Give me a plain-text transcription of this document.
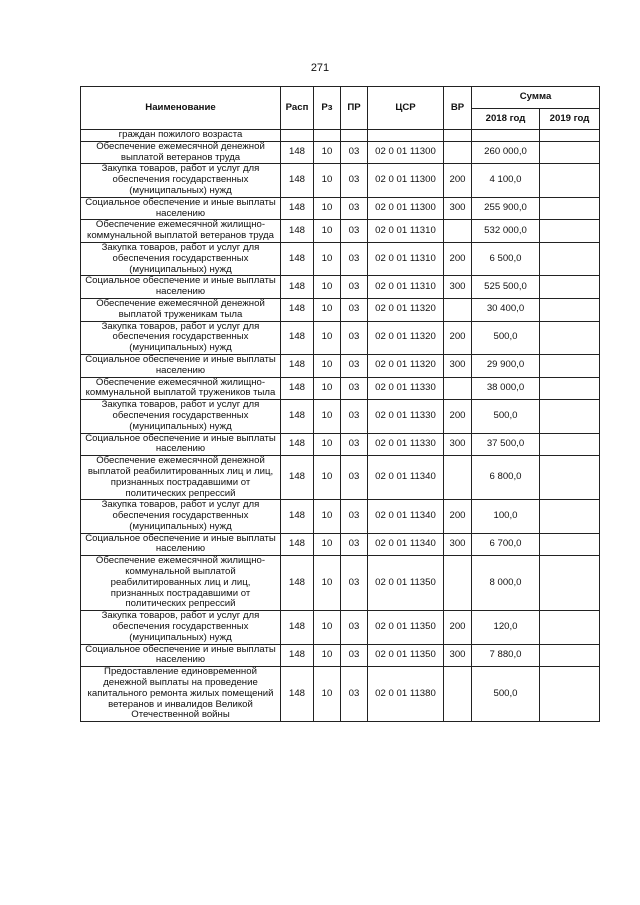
271
Наименование	Расп	Рз	ПР	ЦСР	ВР	Сумма	
						2018 год	2019 год
граждан пожилого возраста							
Обеспечение ежемесячной денежной выплатой ветеранов труда	148	10	03	02 0 01 11300		260 000,0	
Закупка товаров, работ и услуг для обеспечения государственных (муниципальных) нужд	148	10	03	02 0 01 11300	200	4 100,0	
Социальное обеспечение и иные выплаты населению	148	10	03	02 0 01 11300	300	255 900,0	
Обеспечение ежемесячной жилищно-коммунальной выплатой ветеранов труда	148	10	03	02 0 01 11310		532 000,0	
Закупка товаров, работ и услуг для обеспечения государственных (муниципальных) нужд	148	10	03	02 0 01 11310	200	6 500,0	
Социальное обеспечение и иные выплаты населению	148	10	03	02 0 01 11310	300	525 500,0	
Обеспечение ежемесячной денежной выплатой труженикам тыла	148	10	03	02 0 01 11320		30 400,0	
Закупка товаров, работ и услуг для обеспечения государственных (муниципальных) нужд	148	10	03	02 0 01 11320	200	500,0	
Социальное обеспечение и иные выплаты населению	148	10	03	02 0 01 11320	300	29 900,0	
Обеспечение ежемесячной жилищно-коммунальной выплатой тружеников тыла	148	10	03	02 0 01 11330		38 000,0	
Закупка товаров, работ и услуг для обеспечения государственных (муниципальных) нужд	148	10	03	02 0 01 11330	200	500,0	
Социальное обеспечение и иные выплаты населению	148	10	03	02 0 01 11330	300	37 500,0	
Обеспечение ежемесячной денежной выплатой реабилитированных лиц и лиц, признанных пострадавшими от политических репрессий	148	10	03	02 0 01 11340		6 800,0	
Закупка товаров, работ и услуг для обеспечения государственных (муниципальных) нужд	148	10	03	02 0 01 11340	200	100,0	
Социальное обеспечение и иные выплаты населению	148	10	03	02 0 01 11340	300	6 700,0	
Обеспечение ежемесячной жилищно-коммунальной выплатой реабилитированных лиц и лиц, признанных пострадавшими от политических репрессий	148	10	03	02 0 01 11350		8 000,0	
Закупка товаров, работ и услуг для обеспечения государственных (муниципальных) нужд	148	10	03	02 0 01 11350	200	120,0	
Социальное обеспечение и иные выплаты населению	148	10	03	02 0 01 11350	300	7 880,0	
Предоставление единовременной денежной выплаты на проведение капитального ремонта жилых помещений ветеранов и инвалидов Великой Отечественной войны	148	10	03	02 0 01 11380		500,0	
